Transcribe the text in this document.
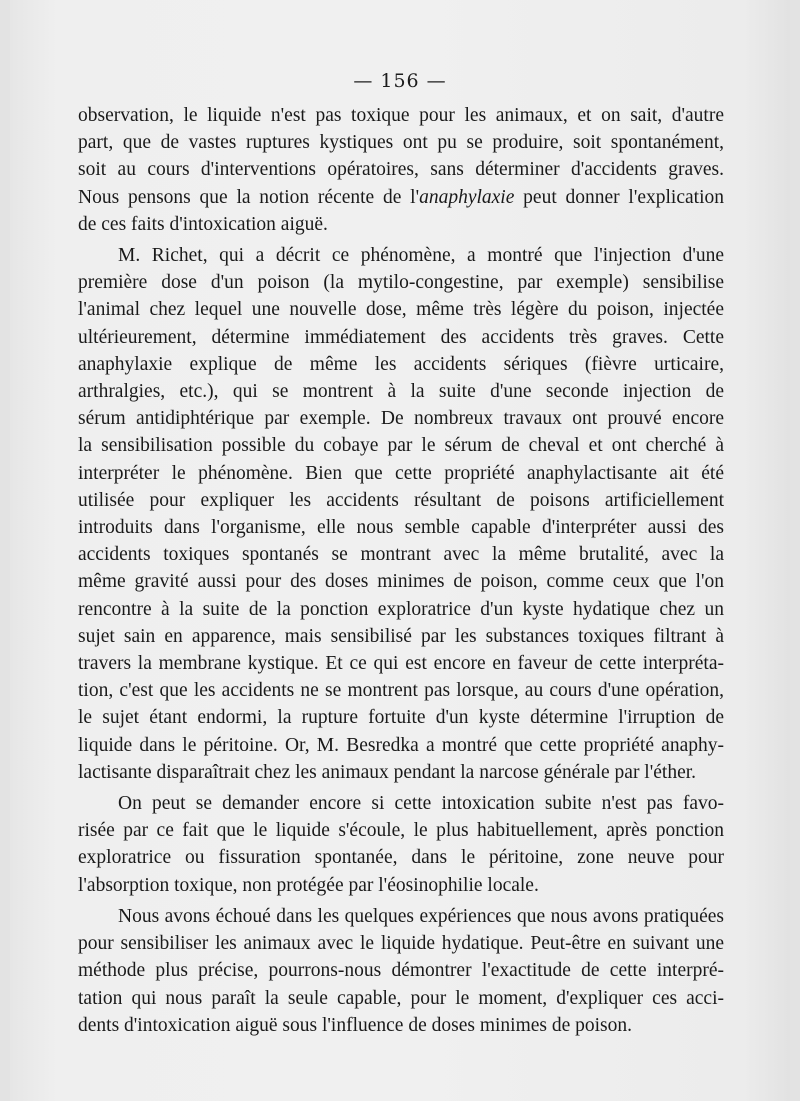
— 156 —
observation, le liquide n'est pas toxique pour les animaux, et on sait, d'autre
part, que de vastes ruptures kystiques ont pu se produire, soit spontanément,
soit au cours d'interventions opératoires, sans déterminer d'accidents graves.
Nous pensons que la notion récente de l'anaphylaxie peut donner l'explication
de ces faits d'intoxication aiguë.
M. Richet, qui a décrit ce phénomène, a montré que l'injection d'une
première dose d'un poison (la mytilo-congestine, par exemple) sensibilise
l'animal chez lequel une nouvelle dose, même très légère du poison, injectée
ultérieurement, détermine immédiatement des accidents très graves. Cette
anaphylaxie explique de même les accidents sériques (fièvre urticaire,
arthralgies, etc.), qui se montrent à la suite d'une seconde injection de
sérum antidiphtérique par exemple. De nombreux travaux ont prouvé encore
la sensibilisation possible du cobaye par le sérum de cheval et ont cherché à
interpréter le phénomène. Bien que cette propriété anaphylactisante ait été
utilisée pour expliquer les accidents résultant de poisons artificiellement
introduits dans l'organisme, elle nous semble capable d'interpréter aussi des
accidents toxiques spontanés se montrant avec la même brutalité, avec la
même gravité aussi pour des doses minimes de poison, comme ceux que l'on
rencontre à la suite de la ponction exploratrice d'un kyste hydatique chez un
sujet sain en apparence, mais sensibilisé par les substances toxiques filtrant à
travers la membrane kystique. Et ce qui est encore en faveur de cette interpréta-
tion, c'est que les accidents ne se montrent pas lorsque, au cours d'une opération,
le sujet étant endormi, la rupture fortuite d'un kyste détermine l'irruption de
liquide dans le péritoine. Or, M. Besredka a montré que cette propriété anaphy-
lactisante disparaîtrait chez les animaux pendant la narcose générale par l'éther.
On peut se demander encore si cette intoxication subite n'est pas favo-
risée par ce fait que le liquide s'écoule, le plus habituellement, après ponction
exploratrice ou fissuration spontanée, dans le péritoine, zone neuve pour
l'absorption toxique, non protégée par l'éosinophilie locale.
Nous avons échoué dans les quelques expériences que nous avons pratiquées
pour sensibiliser les animaux avec le liquide hydatique. Peut-être en suivant une
méthode plus précise, pourrons-nous démontrer l'exactitude de cette interpré-
tation qui nous paraît la seule capable, pour le moment, d'expliquer ces acci-
dents d'intoxication aiguë sous l'influence de doses minimes de poison.
